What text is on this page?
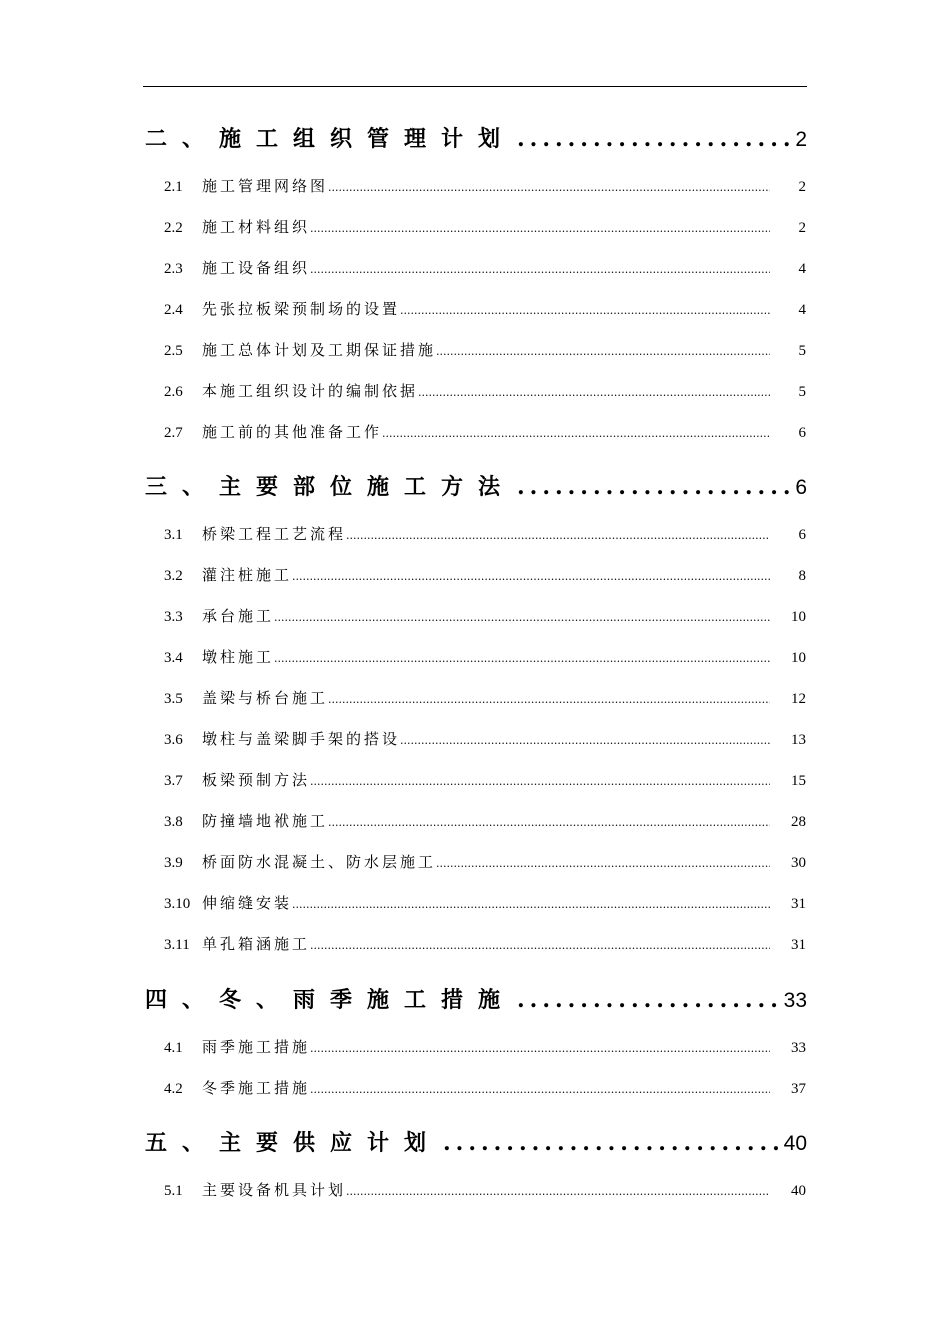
二、施工组织管理计划 .....	2
2.1	施工管理网络图 .....	2
2.2	施工材料组织 .....	2
2.3	施工设备组织 .....	4
2.4	先张拉板梁预制场的设置 .....	4
2.5	施工总体计划及工期保证措施 .....	5
2.6	本施工组织设计的编制依据 .....	5
2.7	施工前的其他准备工作 .....	6
三、主要部位施工方法 .....	6
3.1	桥梁工程工艺流程 .....	6
3.2	灌注桩施工 .....	8
3.3	承台施工 .....	10
3.4	墩柱施工 .....	10
3.5	盖梁与桥台施工 .....	12
3.6	墩柱与盖梁脚手架的搭设 .....	13
3.7	板梁预制方法 .....	15
3.8	防撞墙地袱施工 .....	28
3.9	桥面防水混凝土、防水层施工 .....	30
3.10 伸缩缝安装 .....	31
3.11 单孔箱涵施工 .....	31
四、冬、雨季施工措施 .....	33
4.1	雨季施工措施 .....	33
4.2	冬季施工措施 .....	37
五、主要供应计划 .....	40
5.1	主要设备机具计划 .....	40
